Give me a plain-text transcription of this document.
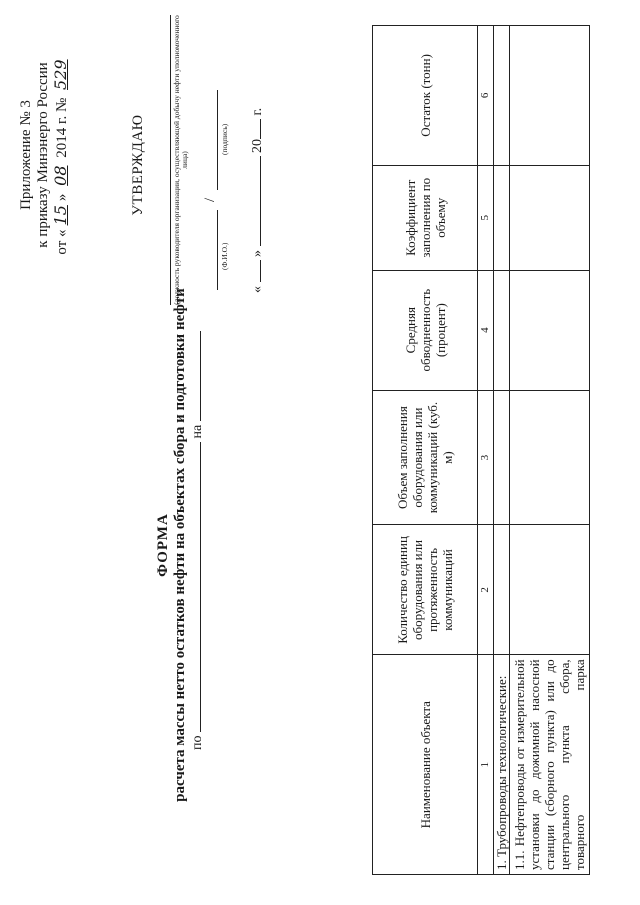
Приложение № 3 к приказу Минэнерго России от «15» 08 2014 г. № 529
УТВЕРЖДАЮ	(должность руководителя организации, осуществляющей добычу нефти уполномоченного лица)
/
(Ф.И.О.)
(подпись)
«  »  20 г.
ФОРМА расчета массы нетто остатков нефти на объектах сбора и подготовки нефти по  на
Наименование объекта	Количество единиц оборудования или протяженность коммуникаций	Объем заполнения оборудования или коммуникаций (куб. м)	Средняя обводненность (процент)	Коэффициент заполнения по объему	Остаток (тонн)
1	2	3	4	5	6
1. Трубопроводы технологические:					
1.1. Нефтепроводы от измерительной установки до дожимной насосной станции (сборного пункта) или до центрального пункта сбора, товарного парка					
